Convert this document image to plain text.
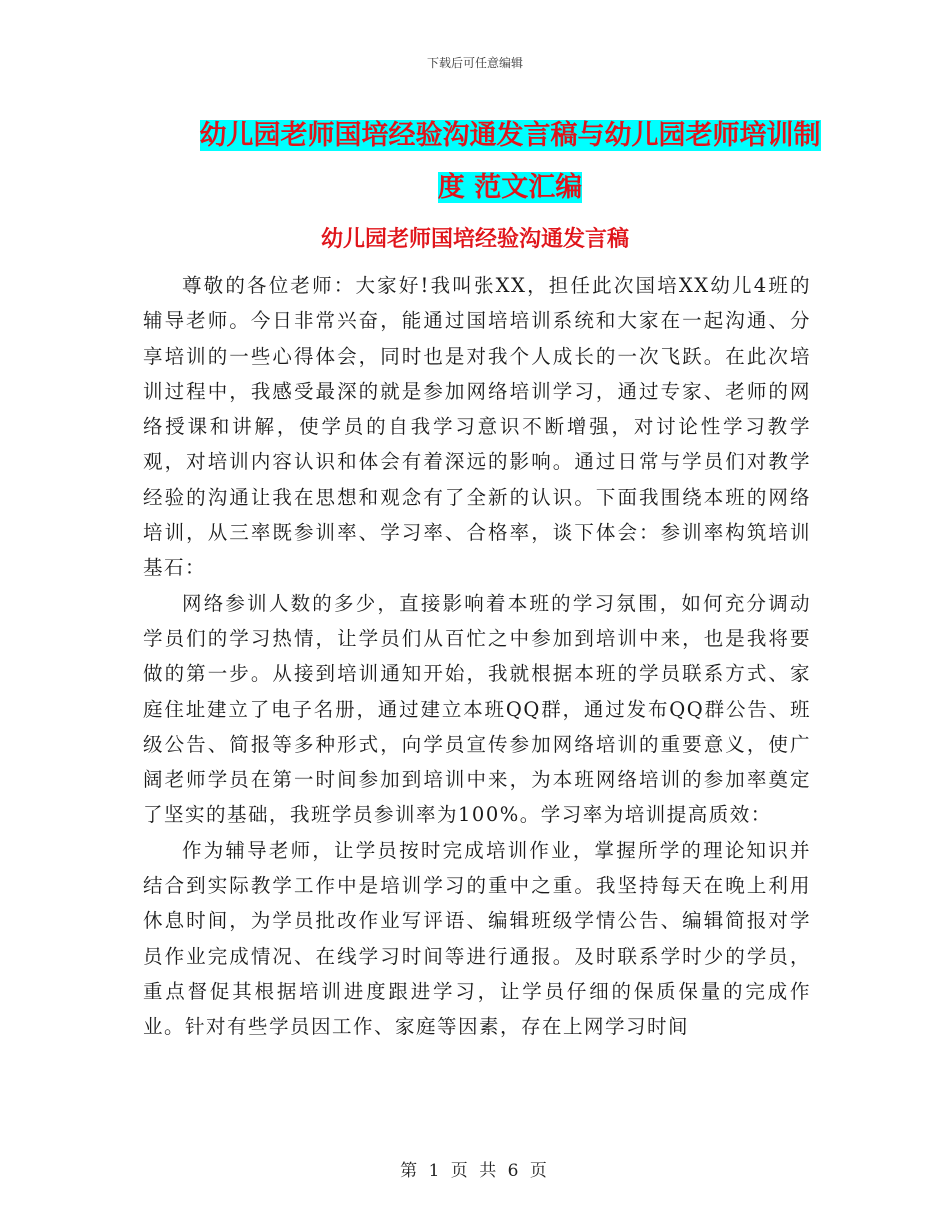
下载后可任意编辑
幼儿园老师国培经验沟通发言稿与幼儿园老师培训制度 范文汇编
幼儿园老师国培经验沟通发言稿

尊敬的各位老师：大家好!我叫张XX，担任此次国培XX幼儿4班的辅导老师。今日非常兴奋，能通过国培培训系统和大家在一起沟通、分享培训的一些心得体会，同时也是对我个人成长的一次飞跃。在此次培训过程中，我感受最深的就是参加网络培训学习，通过专家、老师的网络授课和讲解，使学员的自我学习意识不断增强，对讨论性学习教学观，对培训内容认识和体会有着深远的影响。通过日常与学员们对教学经验的沟通让我在思想和观念有了全新的认识。下面我围绕本班的网络培训，从三率既参训率、学习率、合格率，谈下体会：参训率构筑培训基石：

网络参训人数的多少，直接影响着本班的学习氛围，如何充分调动学员们的学习热情，让学员们从百忙之中参加到培训中来，也是我将要做的第一步。从接到培训通知开始，我就根据本班的学员联系方式、家庭住址建立了电子名册，通过建立本班QQ群，通过发布QQ群公告、班级公告、简报等多种形式，向学员宣传参加网络培训的重要意义，使广阔老师学员在第一时间参加到培训中来，为本班网络培训的参加率奠定了坚实的基础，我班学员参训率为100%。学习率为培训提高质效：

作为辅导老师，让学员按时完成培训作业，掌握所学的理论知识并结合到实际教学工作中是培训学习的重中之重。我坚持每天在晚上利用休息时间，为学员批改作业写评语、编辑班级学情公告、编辑简报对学员作业完成情况、在线学习时间等进行通报。及时联系学时少的学员，重点督促其根据培训进度跟进学习，让学员仔细的保质保量的完成作业。针对有些学员因工作、家庭等因素，存在上网学习时间

第 1 页 共 6 页
